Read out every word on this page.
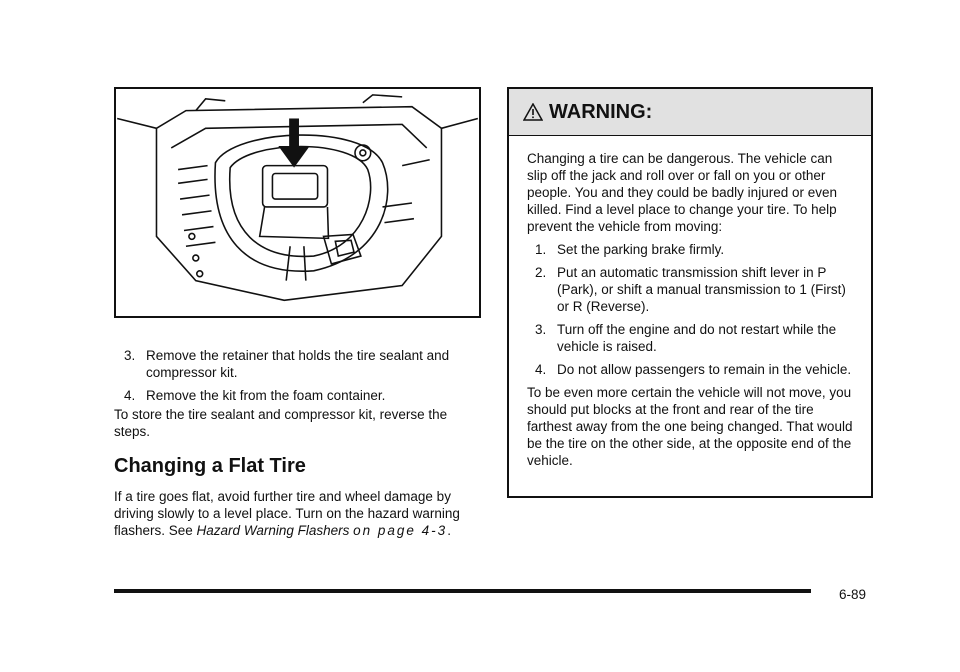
3. Remove the retainer that holds the tire sealant and compressor kit.
4. Remove the kit from the foam container.
To store the tire sealant and compressor kit, reverse the steps.
Changing a Flat Tire
If a tire goes flat, avoid further tire and wheel damage by driving slowly to a level place. Turn on the hazard warning flashers. See Hazard Warning Flashers on page 4‑3.
WARNING:
Changing a tire can be dangerous. The vehicle can slip off the jack and roll over or fall on you or other people. You and they could be badly injured or even killed. Find a level place to change your tire. To help prevent the vehicle from moving:
1. Set the parking brake firmly.
2. Put an automatic transmission shift lever in P (Park), or shift a manual transmission to 1 (First) or R (Reverse).
3. Turn off the engine and do not restart while the vehicle is raised.
4. Do not allow passengers to remain in the vehicle.
To be even more certain the vehicle will not move, you should put blocks at the front and rear of the tire farthest away from the one being changed. That would be the tire on the other side, at the opposite end of the vehicle.
6-89
